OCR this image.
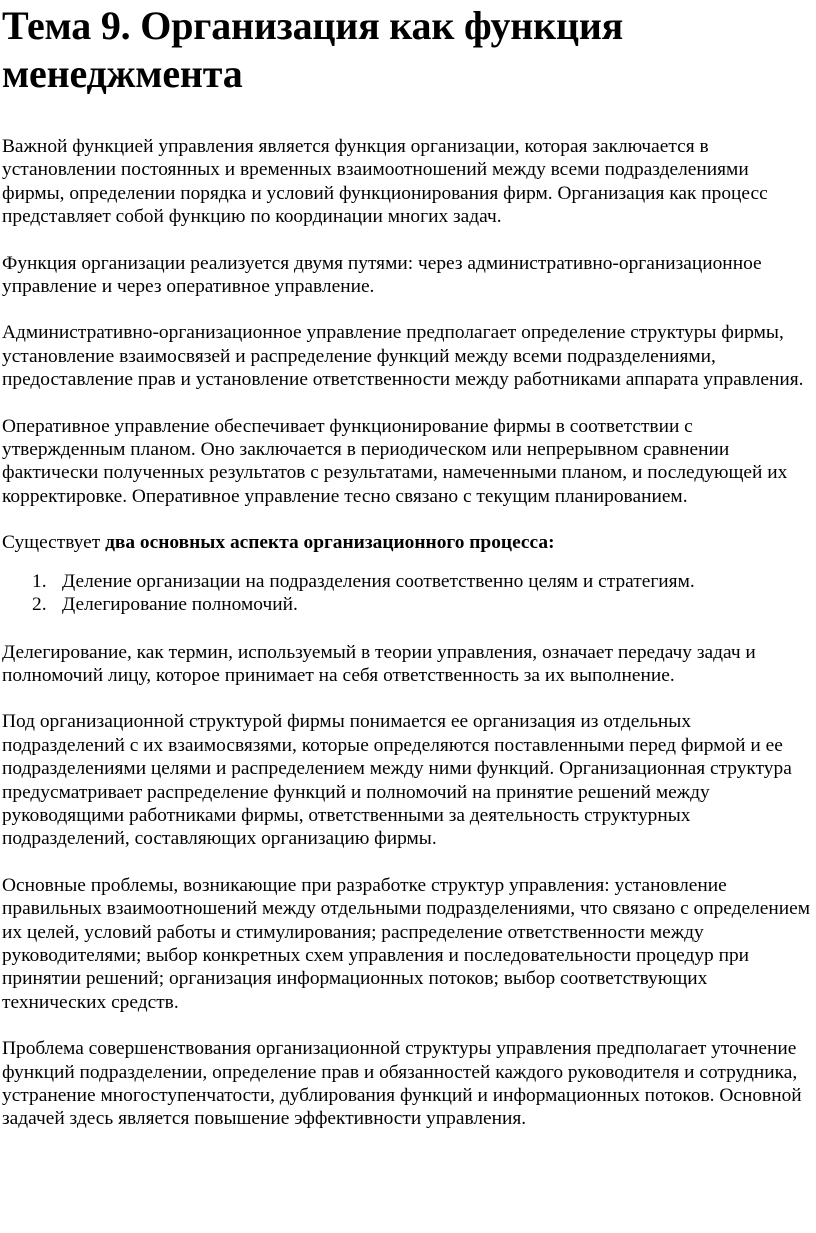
Тема 9. Организация как функция менеджмента

Важной функцией управления является функция организации, которая заключается в установлении постоянных и временных взаимоотношений между всеми подразделениями фирмы, определении порядка и условий функционирования фирм. Организация как процесс представляет собой функцию по координации многих задач.

Функция организации реализуется двумя путями: через административно-организационное управление и через оперативное управление.

Административно-организационное управление предполагает определение структуры фирмы, установление взаимосвязей и распределение функций между всеми подразделениями, предоставление прав и установление ответственности между работниками аппарата управления.

Оперативное управление обеспечивает функционирование фирмы в соответствии с утвержденным планом. Оно заключается в периодическом или непрерывном сравнении фактически полученных результатов с результатами, намеченными планом, и последующей их корректировке. Оперативное управление тесно связано с текущим планированием.

Существует два основных аспекта организационного процесса:

1. Деление организации на подразделения соответственно целям и стратегиям.
2. Делегирование полномочий.

Делегирование, как термин, используемый в теории управления, означает передачу задач и полномочий лицу, которое принимает на себя ответственность за их выполнение.

Под организационной структурой фирмы понимается ее организация из отдельных подразделений с их взаимосвязями, которые определяются поставленными перед фирмой и ее подразделениями целями и распределением между ними функций. Организационная структура предусматривает распределение функций и полномочий на принятие решений между руководящими работниками фирмы, ответственными за деятельность структурных подразделений, составляющих организацию фирмы.

Основные проблемы, возникающие при разработке структур управления: установление правильных взаимоотношений между отдельными подразделениями, что связано с определением их целей, условий работы и стимулирования; распределение ответственности между руководителями; выбор конкретных схем управления и последовательности процедур при принятии решений; организация информационных потоков; выбор соответствующих технических средств.

Проблема совершенствования организационной структуры управления предполагает уточнение функций подразделении, определение прав и обязанностей каждого руководителя и сотрудника, устранение многоступенчатости, дублирования функций и информационных потоков. Основной задачей здесь является повышение эффективности управления.
